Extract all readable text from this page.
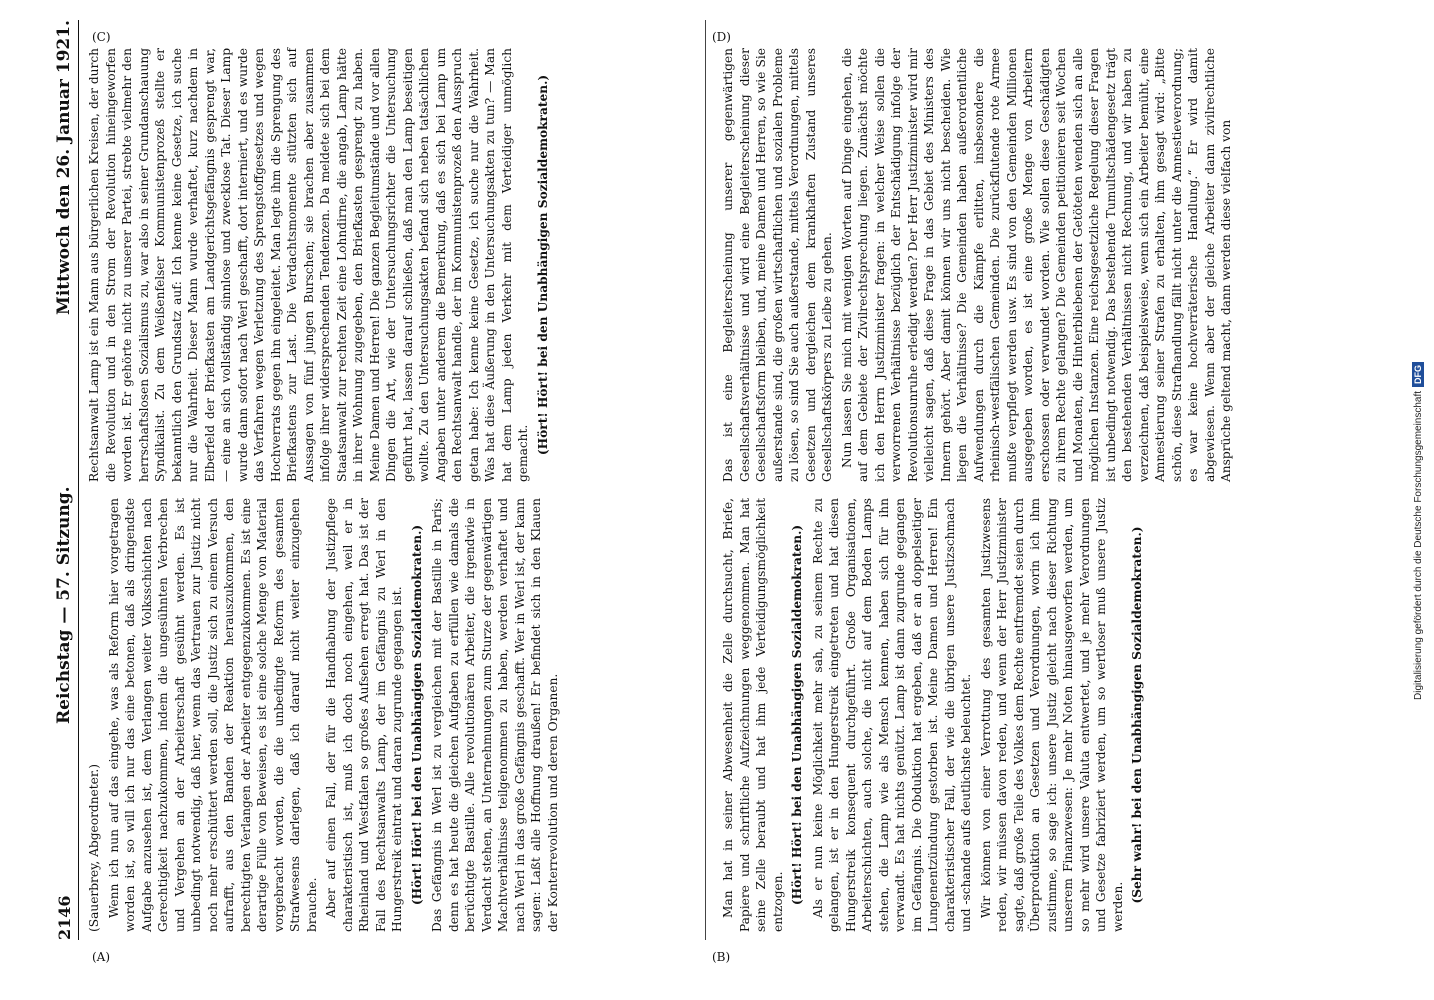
2146
Reichstag — 57. Sitzung.
Mittwoch den 26. Januar 1921.

(Sauerbrey, Abgeordneter.) Wenn ich nun auf das eingehe, was als Reform hier vorgetragen worden ist, so will ich nur das eine betonen, daß als dringendste Aufgabe anzusehen ist, dem Verlangen weiter Volksschichten nach Gerechtigkeit nachzukommen, indem die ungesühnten Verbrechen und Vergehen an der Arbeiterschaft gesühnt werden. Es ist unbedingt notwendig, daß hier, wenn das Vertrauen zur Justiz nicht noch mehr erschüttert werden soll, die Justiz sich zu einem Versuch aufrafft, aus den Banden der Reaktion herauszukommen, den berechtigten Verlangen der Arbeiter entgegenzukommen. Es ist eine derartige Fülle von Beweisen, es ist eine solche Menge von Material vorgebracht worden, die die unbedingte Reform des gesamten Strafwesens darlegen, daß ich darauf nicht weiter einzugehen brauche. Aber auf einen Fall, der für die Handhabung der Justizpflege charakteristisch ist, muß ich doch noch eingehen, weil er in Rheinland und Westfalen so großes Aufsehen erregt hat. Das ist der Fall des Rechtsanwalts Lamp, der im Gefängnis zu Werl in den Hungerstreik eintrat und daran zugrunde gegangen ist. (Hört! Hört! bei den Unabhängigen Sozialdemokraten.) Das Gefängnis in Werl ist zu vergleichen mit der Bastille in Paris; denn es hat heute die gleichen Aufgaben zu erfüllen wie damals die berüchtigte Bastille. Alle revolutionären Arbeiter, die irgendwie in Verdacht stehen, an Unternehmungen zum Sturze der gegenwärtigen Machtverhältnisse teilgenommen zu haben, werden verhaftet und nach Werl in das große Gefängnis geschafft. Wer in Werl ist, der kann sagen: Laßt alle Hoffnung draußen! Er befindet sich in den Klauen der Konterrevolution und deren Organen.

Rechtsanwalt Lamp ist ein Mann aus bürgerlichen Kreisen, der durch die Revolution und in den Strom der Revolution hineingeworfen worden ist. Er gehörte nicht zu unserer Partei, strebte vielmehr den herrschaftslosen Sozialismus zu, war also in seiner Grundanschauung Syndikalist. Zu dem Weißenfelser Kommunistenprozeß stellte er bekanntlich den Grundsatz auf: Ich kenne keine Gesetze, ich suche nur die Wahrheit. Dieser Mann wurde verhaftet, kurz nachdem in Elberfeld der Briefkasten am Landgerichtsgefängnis gesprengt war, — eine an sich vollständig sinnlose und zwecklose Tat. Dieser Lamp wurde dann sofort nach Werl geschafft, dort interniert, und es wurde das Verfahren wegen Verletzung des Sprengstoffgesetzes und wegen Hochverrats gegen ihn eingeleitet. Man legte ihm die Sprengung des Briefkastens zur Last. Die Verdachtsmomente stützten sich auf Aussagen von fünf jungen Burschen; sie brachen aber zusammen infolge ihrer widersprechenden Tendenzen. Da meldete sich bei dem Staatsanwalt zur rechten Zeit eine Lohndirne, die angab, Lamp hätte in ihrer Wohnung zugegeben, den Briefkasten gesprengt zu haben. Meine Damen und Herren! Die ganzen Begleitumstände und vor allen Dingen die Art, wie der Untersuchungsrichter die Untersuchung geführt hat, lassen darauf schließen, daß man den Lamp beseitigen wollte. Zu den Untersuchungsakten befand sich neben tatsächlichen Angaben unter anderem die Bemerkung, daß es sich bei Lamp um den Rechtsanwalt handle, der im Kommunistenprozeß den Ausspruch getan habe: Ich kenne keine Gesetze, ich suche nur die Wahrheit. Was hat diese Äußerung in den Untersuchungsakten zu tun? — Man hat dem Lamp jeden Verkehr mit dem Verteidiger unmöglich gemacht. (Hört! Hört! bei den Unabhängigen Sozialdemokraten.)

Man hat in seiner Abwesenheit die Zelle durchsucht, Briefe, Papiere und schriftliche Aufzeichnungen weggenommen. Man hat seine Zelle beraubt und hat ihm jede Verteidigungsmöglichkeit entzogen. (Hört! Hört! bei den Unabhängigen Sozialdemokraten.) Als er nun keine Möglichkeit mehr sah, zu seinem Rechte zu gelangen, ist er in den Hungerstreik eingetreten und hat diesen Hungerstreik konsequent durchgeführt. Große Organisationen, Arbeiterschichten, auch solche, die nicht auf dem Boden Lamps stehen, die Lamp wie als Mensch kennen, haben sich für ihn verwandt. Es hat nichts genützt. Lamp ist dann zugrunde gegangen im Gefängnis. Die Obduktion hat ergeben, daß er an doppelseitiger Lungenentzündung gestorben ist. Meine Damen und Herren! Ein charakteristischer Fall, der wie die übrigen unsere Justizschmach und -schande aufs deutlichste beleuchtet. Wir können von einer Verrottung des gesamten Justizwesens reden, wir müssen davon reden, und wenn der Herr Justizminister sagte, daß große Teile des Volkes dem Rechte entfremdet seien durch Überproduktion an Gesetzen und Verordnungen, worin ich ihm zustimme, so sage ich: unsere Justiz gleicht nach dieser Richtung unserem Finanzwesen: Je mehr Noten hinausgeworfen werden, um so mehr wird unsere Valuta entwertet, und je mehr Verordnungen und Gesetze fabriziert werden, um so wertloser muß unsere Justiz werden.

(Sehr wahr! bei den Unabhängigen Sozialdemokraten.)

Das ist eine Begleiterscheinung unserer gegenwärtigen Gesellschaftsverhältnisse und wird eine Begleiterscheinung dieser Gesellschaftsform bleiben, und, meine Damen und Herren, so wie Sie außerstande sind, die großen wirtschaftlichen und sozialen Probleme zu lösen, so sind Sie auch außerstande, mittels Verordnungen, mittels Gesetzen und dergleichen dem krankhaften Zustand unseres Gesellschaftskörpers zu Leibe zu gehen. Nun lassen Sie mich mit wenigen Worten auf Dinge eingehen, die auf dem Gebiete der Zivilrechtsprechung liegen. Zunächst möchte ich den Herrn Justizminister fragen: in welcher Weise sollen die verworrenen Verhältnisse bezüglich der Entschädigung infolge der Revolutionsunruhe erledigt werden? Der Herr Justizminister wird mir vielleicht sagen, daß diese Frage in das Gebiet des Ministers des Innern gehört. Aber damit können wir uns nicht bescheiden. Wie liegen die Verhältnisse? Die Gemeinden haben außerordentliche Aufwendungen durch die Kämpfe erlitten, insbesondere die rheinisch-westfälischen Gemeinden. Die zurückflutende rote Armee mußte verpflegt werden usw. Es sind von den Gemeinden Millionen ausgegeben worden, es ist eine große Menge von Arbeitern erschossen oder verwundet worden. Wie sollen diese Geschädigten zu ihrem Rechte gelangen? Die Gemeinden petitionieren seit Wochen und Monaten, die Hinterbliebenen der Getöteten wenden sich an alle möglichen Instanzen. Eine reichsgesetzliche Regelung dieser Fragen ist unbedingt notwendig. Das bestehende Tumultschädengesetz trägt den bestehenden Verhältnissen nicht Rechnung, und wir haben zu verzeichnen, daß beispielsweise, wenn sich ein Arbeiter bemüht, eine Amnestierung seiner Strafen zu erhalten, ihm gesagt wird: „Bitte schön, diese Strafhandlung fällt nicht unter die Amnestieverordnung; es war keine hochverräterische Handlung.“ Er wird damit abgewiesen. Wenn aber der gleiche Arbeiter dann zivilrechtliche Ansprüche geltend macht, dann werden diese vielfach von

(A)	(B)
(C)	(D)
Digitalisierung gefördert durch die Deutsche Forschungsgemeinschaft
DFG
